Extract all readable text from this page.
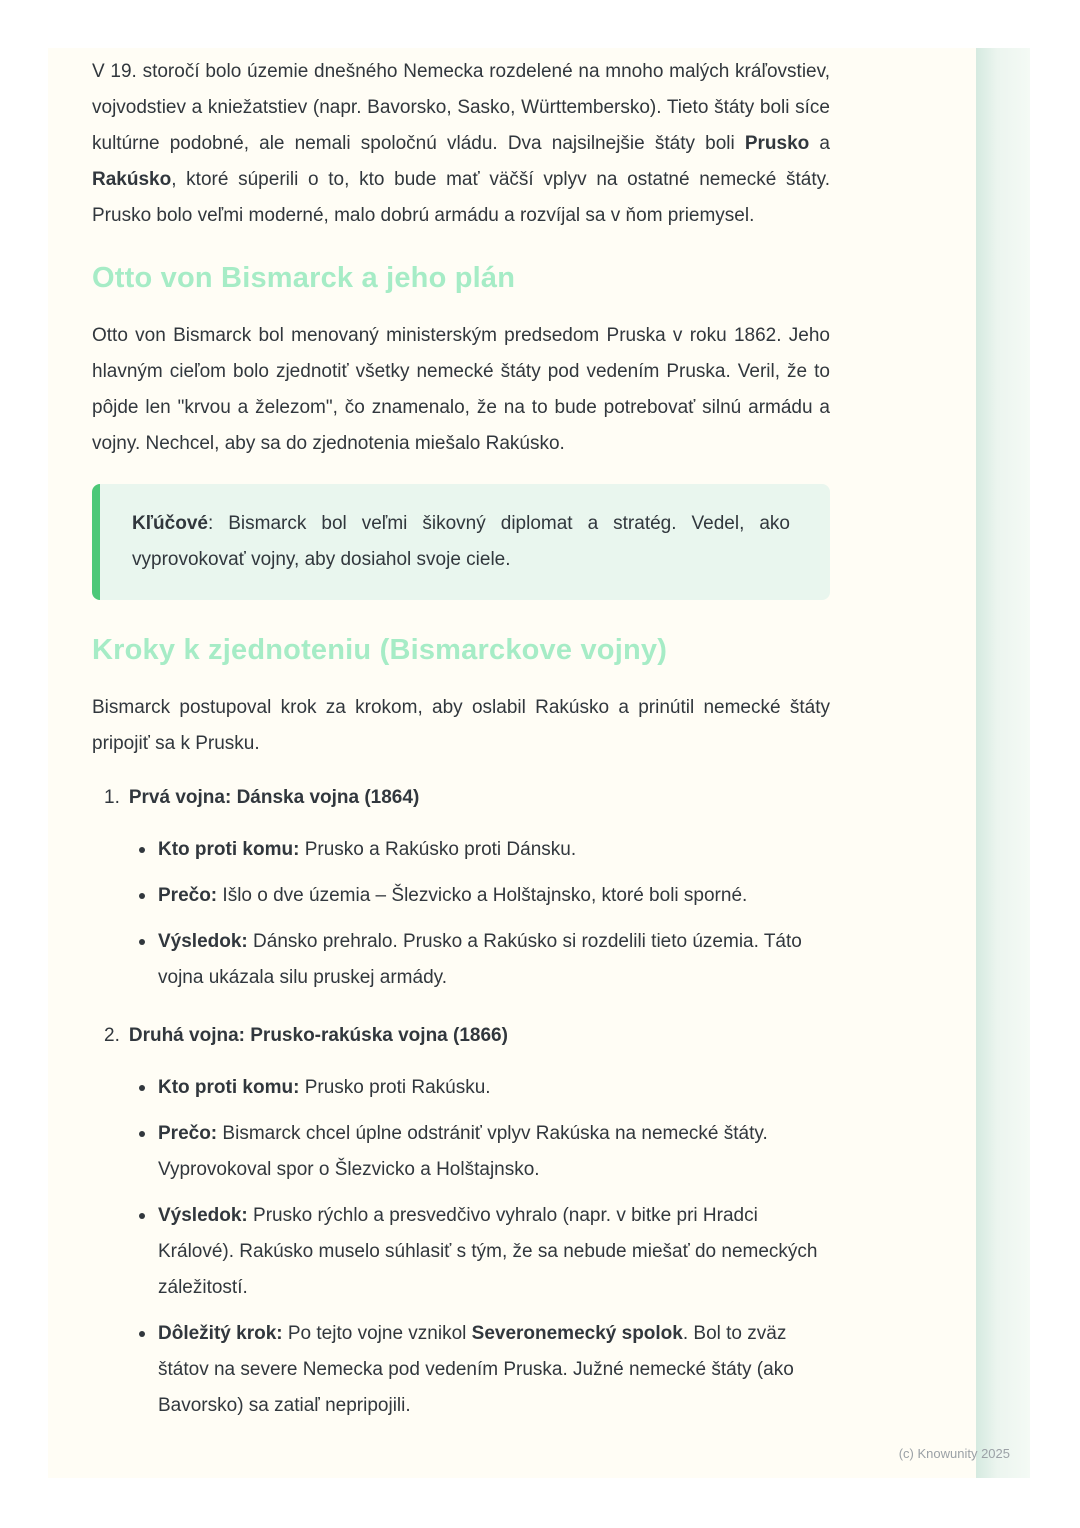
V 19. storočí bolo územie dnešného Nemecka rozdelené na mnoho malých kráľovstiev, vojvodstiev a kniežatstiev (napr. Bavorsko, Sasko, Württembersko). Tieto štáty boli síce kultúrne podobné, ale nemali spoločnú vládu. Dva najsilnejšie štáty boli Prusko a Rakúsko, ktoré súperili o to, kto bude mať väčší vplyv na ostatné nemecké štáty. Prusko bolo veľmi moderné, malo dobrú armádu a rozvíjal sa v ňom priemysel.

Otto von Bismarck a jeho plán

Otto von Bismarck bol menovaný ministerským predsedom Pruska v roku 1862. Jeho hlavným cieľom bolo zjednotiť všetky nemecké štáty pod vedením Pruska. Veril, že to pôjde len "krvou a železom", čo znamenalo, že na to bude potrebovať silnú armádu a vojny. Nechcel, aby sa do zjednotenia miešalo Rakúsko.

Kľúčové: Bismarck bol veľmi šikovný diplomat a stratég. Vedel, ako vyprovokovať vojny, aby dosiahol svoje ciele.
Kroky k zjednoteniu (Bismarckove vojny)

Bismarck postupoval krok za krokom, aby oslabil Rakúsko a prinútil nemecké štáty pripojiť sa k Prusku.

1. Prvá vojna: Dánska vojna (1864)
Kto proti komu: Prusko a Rakúsko proti Dánsku.
Prečo: Išlo o dve územia – Šlezvicko a Holštajnsko, ktoré boli sporné.
Výsledok: Dánsko prehralo. Prusko a Rakúsko si rozdelili tieto územia. Táto vojna ukázala silu pruskej armády.
2. Druhá vojna: Prusko-rakúska vojna (1866)
Kto proti komu: Prusko proti Rakúsku.
Prečo: Bismarck chcel úplne odstrániť vplyv Rakúska na nemecké štáty. Vyprovokoval spor o Šlezvicko a Holštajnsko.
Výsledok: Prusko rýchlo a presvedčivo vyhralo (napr. v bitke pri Hradci Králové). Rakúsko muselo súhlasiť s tým, že sa nebude miešať do nemeckých záležitostí.
Dôležitý krok: Po tejto vojne vznikol Severonemecký spolok. Bol to zväz štátov na severe Nemecka pod vedením Pruska. Južné nemecké štáty (ako Bavorsko) sa zatiaľ nepripojili.
(c) Knowunity 2025
